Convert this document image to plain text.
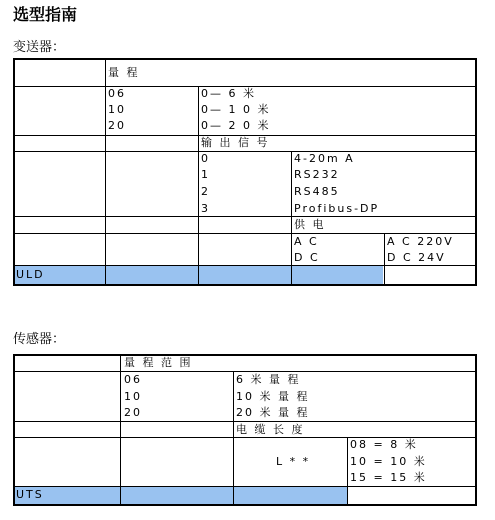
选型指南
变送器：
量 程
06
10
20
0— 6 米
0— 1 0 米
0— 2 0 米
输 出 信 号
0
1
2
3
4-20m A
RS232
RS485
Profibus-DP
供 电
A C
D C
A C 220V
D C 24V
ULD
传感器：
量 程 范 围
06
10
20
6 米 量 程
10 米 量 程
20 米 量 程
电 缆 长 度
L * *
08 = 8 米
10 = 10 米
15 = 15 米
UTS
